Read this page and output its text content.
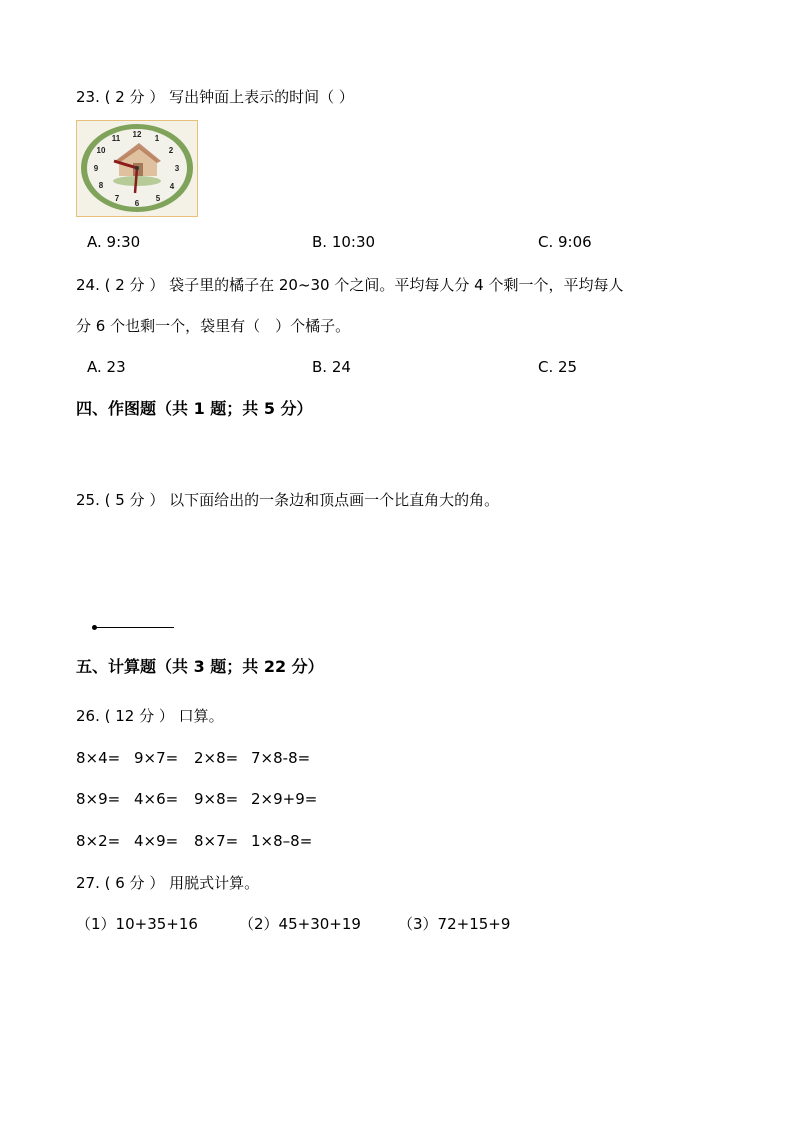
23. ( 2 分 ） 写出钟面上表示的时间（ ）
12 1
2
3
4
5
6
7
8
9
10
11
A. 9:30	B. 10:30	C. 9:06
24. ( 2 分 ） 袋子里的橘子在 20~30 个之间。平均每人分 4 个剩一个，平均每人
分 6 个也剩一个，袋里有（　）个橘子。
A. 23	B. 24	C. 25
四、作图题（共 1 题；共 5 分）
25. ( 5 分 ） 以下面给出的一条边和顶点画一个比直角大的角。
五、计算题（共 3 题；共 22 分）
26. ( 12 分 ） 口算。
8×4= 9×7= 2×8= 7×8-8=
8×9= 4×6= 9×8= 2×9+9=
8×2= 4×9= 8×7= 1×8–8=
27. ( 6 分 ） 用脱式计算。
（1）10+35+16	（2）45+30+19 （3）72+15+9
